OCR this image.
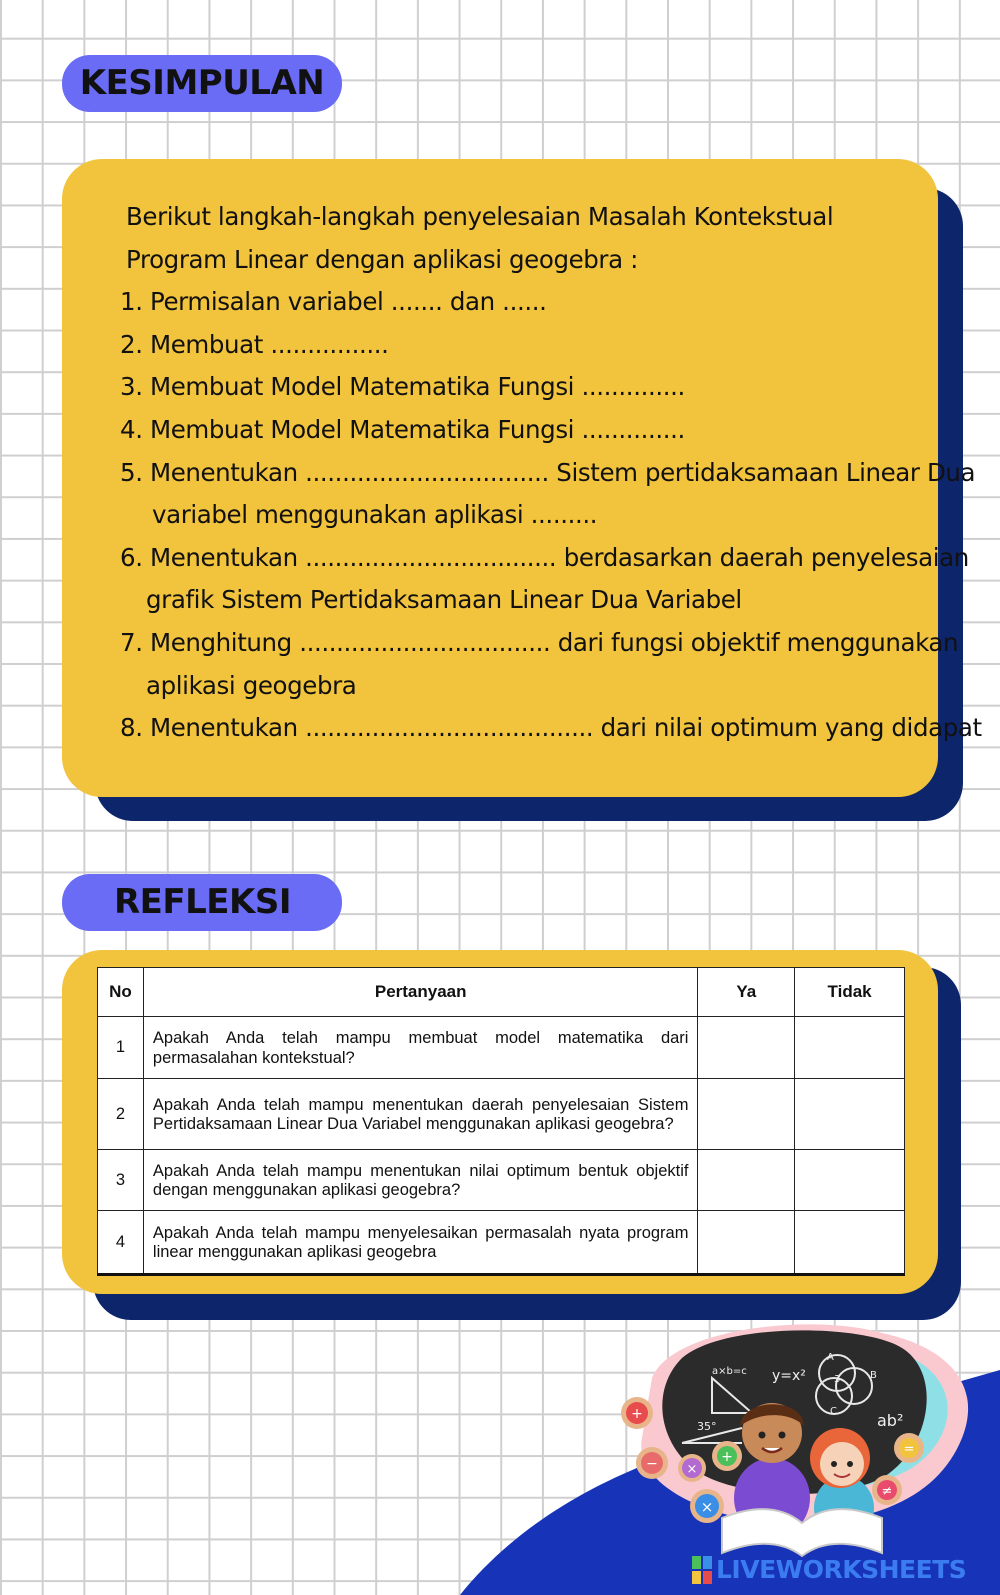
KESIMPULAN
Berikut langkah-langkah penyelesaian Masalah Kontekstual
Program Linear dengan aplikasi geogebra :
1. Permisalan variabel ....... dan ......
2. Membuat ................
3. Membuat Model Matematika Fungsi ..............
4. Membuat Model Matematika Fungsi ..............
5. Menentukan ................................. Sistem pertidaksamaan Linear Dua
variabel menggunakan aplikasi .........
6. Menentukan .................................. berdasarkan daerah penyelesaian
grafik Sistem Pertidaksamaan Linear Dua Variabel
7. Menghitung .................................. dari fungsi objektif menggunakan
aplikasi geogebra
8. Menentukan ....................................... dari nilai optimum yang didapat
REFLEKSI
No	Pertanyaan	Ya	Tidak
1	Apakah Anda telah mampu membuat model matematika dari permasalahan kontekstual?		
2	Apakah Anda telah mampu menentukan daerah penyelesaian Sistem Pertidaksamaan Linear Dua Variabel menggunakan aplikasi geogebra?		
3	Apakah Anda telah mampu menentukan nilai optimum bentuk objektif dengan menggunakan aplikasi geogebra?		
4	Apakah Anda telah mampu menyelesaikan permasalah nyata program linear menggunakan aplikasi geogebra		
a×b=c y=x²
A
B
C
3
35°	ab²
+
− ×
+
×
=
≠
LIVEWORKSHEETS
